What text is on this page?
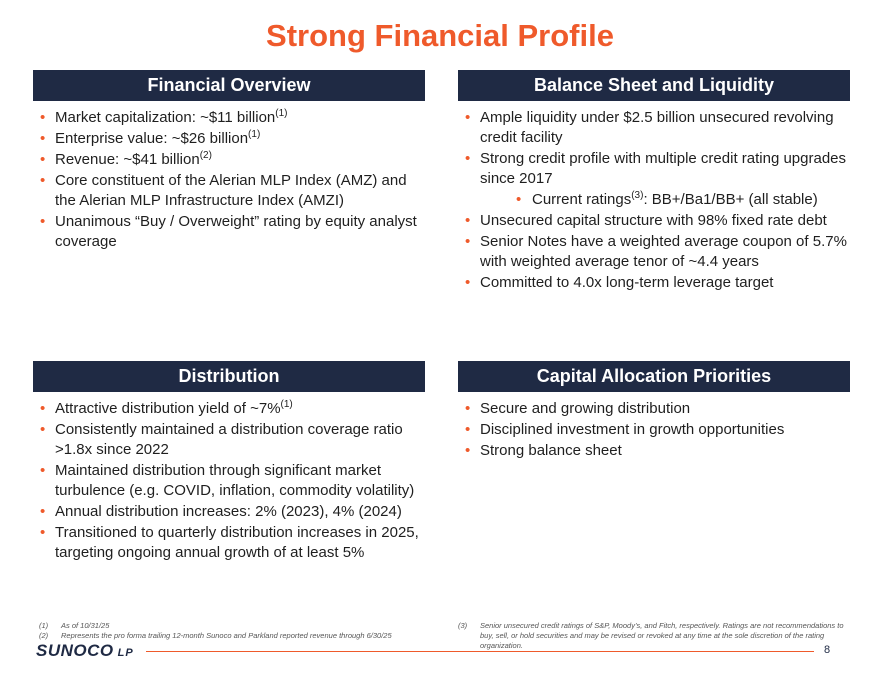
Strong Financial Profile
Financial Overview
• Market capitalization: ~$11 billion$^{(1)}$
• Enterprise value: ~$26 billion$^{(1)}$
• Revenue: ~$41 billion$^{(2)}$
• Core constituent of the Alerian MLP Index (AMZ) and the Alerian MLP Infrastructure Index (AMZI)
• Unanimous “Buy / Overweight” rating by equity analyst coverage
Balance Sheet and Liquidity
• Ample liquidity under $2.5 billion unsecured revolving credit facility
• Strong credit profile with multiple credit rating upgrades since 2017
• Current ratings$^{(3)}$: BB+/Ba1/BB+ (all stable)
• Unsecured capital structure with 98% fixed rate debt
• Senior Notes have a weighted average coupon of 5.7% with weighted average tenor of ~4.4 years
• Committed to 4.0x long-term leverage target
Distribution
• Attractive distribution yield of ~7%$^{(1)}$
• Consistently maintained a distribution coverage ratio >1.8x since 2022
• Maintained distribution through significant market turbulence (e.g. COVID, inflation, commodity volatility)
• Annual distribution increases: 2% (2023), 4% (2024)
• Transitioned to quarterly distribution increases in 2025, targeting ongoing annual growth of at least 5%
Capital Allocation Priorities
• Secure and growing distribution
• Disciplined investment in growth opportunities
• Strong balance sheet
(1)	As of 10/31/25
(2)	Represents the pro forma trailing 12-month Sunoco and Parkland reported revenue through 6/30/25
(3)	Senior unsecured credit ratings of S&P, Moody’s, and Fitch, respectively. Ratings are not recommendations to buy, sell, or hold securities and may be revised or revoked at any time at the sole discretion of the rating organization.
SUNOCO LP	8
